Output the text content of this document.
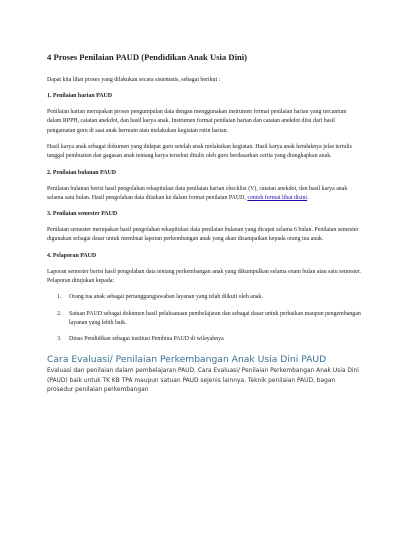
4 Proses Penilaian PAUD (Pendidikan Anak Usia Dini)

Dapat kita lihat proses yang dilakukan secara sistematis, sebagai berikut :

1. Penilaian harian PAUD

Penilaian harian merupakan proses pengumpulan data dengan menggunakan instrumen format penilaian harian yang tercantum dalam RPPH, catatan anekdot, dan hasil karya anak. Instrumen format penilaian harian dan catatan anekdot diisi dari hasil pengamatan guru di saat anak bermain atau melakukan kegiatan rutin harian.

Hasil karya anak sebagai dokumen yang didapat guru setelah anak melakukan kegiatan. Hasil karya anak hendaknya jelas tertulis tanggal pembuatan dan gagasan anak tentang karya tersebut ditulis oleh guru berdasarkan cerita yang diungkapkan anak.

2. Penilaian bulanan PAUD

Penilaian bulanan berisi hasil pengolahan rekapitulasi data penilaian harian checklist (V), catatan anekdot, dan hasil karya anak selama satu bulan. Hasil pengolahan data diisikan ke dalam format penilaian PAUD, contoh format lihat disini.

3. Penilaian semester PAUD

Penilaian semester merupakan hasil pengolahan rekapitulasi data penilaian bulanan yang dicapai selama 6 bulan. Penilaian semester digunakan sebagai dasar untuk membuat laporan perkembangan anak yang akan disampaikan kepada orang tua anak.

4. Pelaporan PAUD

Laporan semester berisi hasil pengolahan data tentang perkembangan anak yang dikumpulkan selama enam bulan atau satu semester. Pelaporan ditujukan kepada:

1. Orang tua anak sebagai pertanggungjawaban layanan yang telah diikuti oleh anak.
2. Satuan PAUD sebagai dokumen hasil pelaksanaan pembelajaran dan sebagai dasar untuk perbaikan maupun pengembangan layanan yang lebih baik.
3. Dinas Pendidikan sebagai institusi Pembina PAUD di wilayahnya
Cara Evaluasi/ Penilaian Perkembangan Anak Usia Dini PAUD

Evaluasi dan penilaian dalam pembelajaran PAUD. Cara Evaluasi/ Penilaian Perkembangan Anak Usia Dini (PAUD) baik untuk TK KB TPA maupun satuan PAUD sejenis lainnya. Teknik penilaian PAUD, bagan prosedur penilaian perkembangan
